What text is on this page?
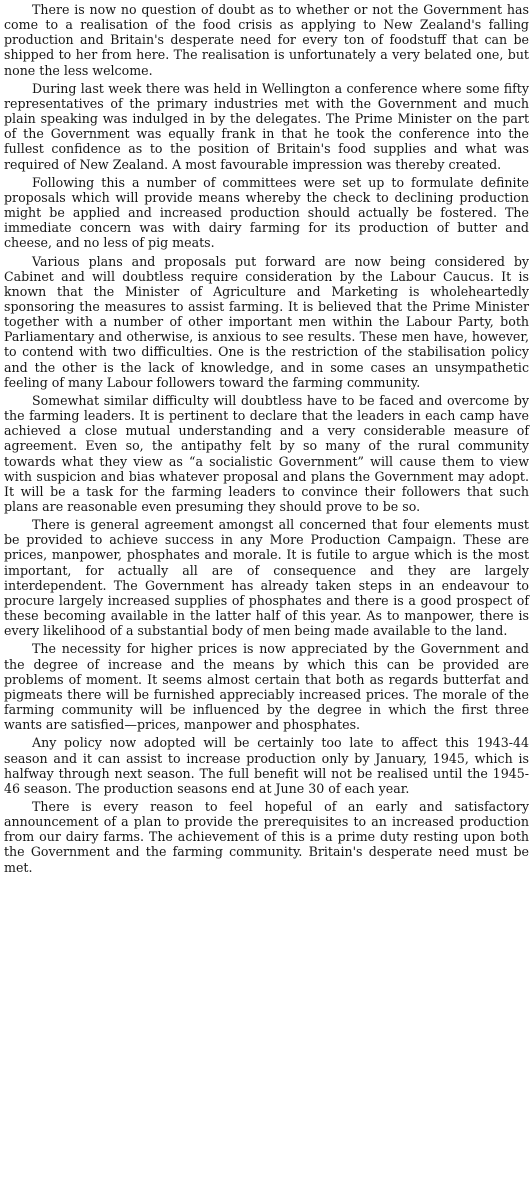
There is now no question of doubt as to whether or not the Government has come to a realisation of the food crisis as applying to New Zealand's falling production and Britain's desperate need for every ton of foodstuff that can be shipped to her from here. The realisation is unfortunately a very belated one, but none the less welcome.

During last week there was held in Wellington a conference where some fifty representatives of the primary industries met with the Government and much plain speaking was indulged in by the delegates. The Prime Minister on the part of the Government was equally frank in that he took the conference into the fullest confidence as to the position of Britain's food supplies and what was required of New Zealand. A most favourable impression was thereby created.

Following this a number of committees were set up to formulate definite proposals which will provide means whereby the check to declining production might be applied and increased production should actually be fostered. The immediate concern was with dairy farming for its production of butter and cheese, and no less of pig meats.

Various plans and proposals put forward are now being considered by Cabinet and will doubtless require consideration by the Labour Caucus. It is known that the Minister of Agriculture and Marketing is wholeheartedly sponsoring the measures to assist farming. It is believed that the Prime Minister together with a number of other important men within the Labour Party, both Parliamentary and otherwise, is anxious to see results. These men have, however, to contend with two difficulties. One is the restriction of the stabilisation policy and the other is the lack of knowledge, and in some cases an unsympathetic feeling of many Labour followers toward the farming community.

Somewhat similar difficulty will doubtless have to be faced and overcome by the farming leaders. It is pertinent to declare that the leaders in each camp have achieved a close mutual understanding and a very considerable measure of agreement. Even so, the antipathy felt by so many of the rural community towards what they view as “a socialistic Government” will cause them to view with suspicion and bias whatever proposal and plans the Government may adopt. It will be a task for the farming leaders to convince their followers that such plans are reasonable even presuming they should prove to be so.

There is general agreement amongst all concerned that four elements must be provided to achieve success in any More Production Campaign. These are prices, manpower, phosphates and morale. It is futile to argue which is the most important, for actually all are of consequence and they are largely interdependent. The Government has already taken steps in an endeavour to procure largely increased supplies of phosphates and there is a good prospect of these becoming available in the latter half of this year. As to manpower, there is every likelihood of a substantial body of men being made available to the land.

The necessity for higher prices is now appreciated by the Government and the degree of increase and the means by which this can be provided are problems of moment. It seems almost certain that both as regards butterfat and pigmeats there will be furnished appreciably increased prices. The morale of the farming community will be influenced by the degree in which the first three wants are satisfied—prices, manpower and phosphates.

Any policy now adopted will be certainly too late to affect this 1943-44 season and it can assist to increase production only by January, 1945, which is halfway through next season. The full benefit will not be realised until the 1945-46 season. The production seasons end at June 30 of each year.

There is every reason to feel hopeful of an early and satisfactory announcement of a plan to provide the prerequisites to an increased production from our dairy farms. The achievement of this is a prime duty resting upon both the Government and the farming community. Britain's desperate need must be met.
